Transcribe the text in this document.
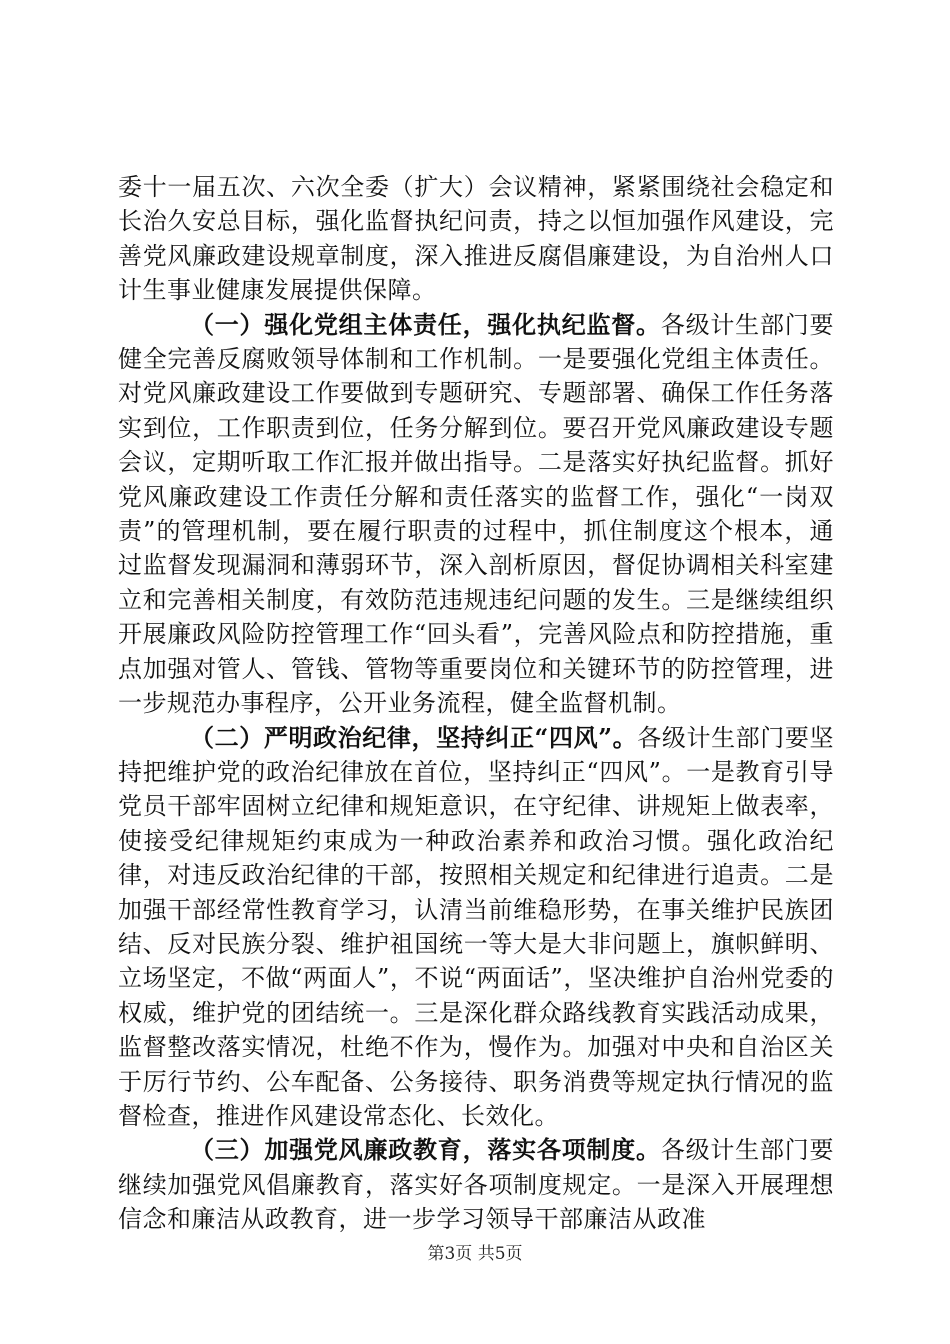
委十一届五次、六次全委（扩大）会议精神，紧紧围绕社会稳定和长治久安总目标，强化监督执纪问责，持之以恒加强作风建设，完善党风廉政建设规章制度，深入推进反腐倡廉建设，为自治州人口计生事业健康发展提供保障。

（一）强化党组主体责任，强化执纪监督。各级计生部门要健全完善反腐败领导体制和工作机制。一是要强化党组主体责任。对党风廉政建设工作要做到专题研究、专题部署、确保工作任务落实到位，工作职责到位，任务分解到位。要召开党风廉政建设专题会议，定期听取工作汇报并做出指导。二是落实好执纪监督。抓好党风廉政建设工作责任分解和责任落实的监督工作，强化“一岗双责”的管理机制，要在履行职责的过程中，抓住制度这个根本，通过监督发现漏洞和薄弱环节，深入剖析原因，督促协调相关科室建立和完善相关制度，有效防范违规违纪问题的发生。三是继续组织开展廉政风险防控管理工作“回头看”，完善风险点和防控措施，重点加强对管人、管钱、管物等重要岗位和关键环节的防控管理，进一步规范办事程序，公开业务流程，健全监督机制。

（二）严明政治纪律，坚持纠正“四风”。各级计生部门要坚持把维护党的政治纪律放在首位，坚持纠正“四风”。一是教育引导党员干部牢固树立纪律和规矩意识，在守纪律、讲规矩上做表率，使接受纪律规矩约束成为一种政治素养和政治习惯。强化政治纪律，对违反政治纪律的干部，按照相关规定和纪律进行追责。二是加强干部经常性教育学习，认清当前维稳形势，在事关维护民族团结、反对民族分裂、维护祖国统一等大是大非问题上，旗帜鲜明、立场坚定，不做“两面人”，不说“两面话”，坚决维护自治州党委的权威，维护党的团结统一。三是深化群众路线教育实践活动成果，监督整改落实情况，杜绝不作为，慢作为。加强对中央和自治区关于厉行节约、公车配备、公务接待、职务消费等规定执行情况的监督检查，推进作风建设常态化、长效化。

（三）加强党风廉政教育，落实各项制度。各级计生部门要继续加强党风倡廉教育，落实好各项制度规定。一是深入开展理想信念和廉洁从政教育，进一步学习领导干部廉洁从政准

第3页 共5页
